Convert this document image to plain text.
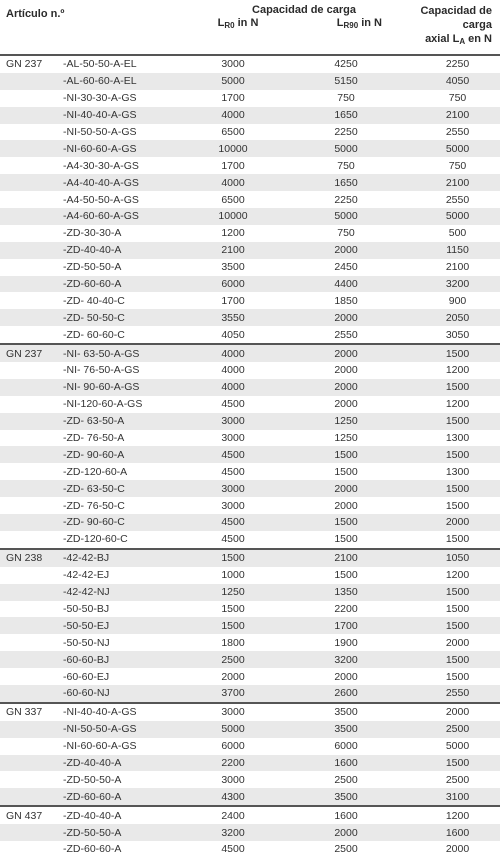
Artículo n.º		Capacidad de carga
$L_{R0}$ in N	$L_{R90}$ in N	Capacidad de carga
axial $L_A$ en N

GN 237	-AL-50-50-A-EL	3000	4250	2250
	-AL-60-60-A-EL	5000	5150	4050
	-NI-30-30-A-GS	1700	750	750
	-NI-40-40-A-GS	4000	1650	2100
	-NI-50-50-A-GS	6500	2250	2550
	-NI-60-60-A-GS	10000	5000	5000
	-A4-30-30-A-GS	1700	750	750
	-A4-40-40-A-GS	4000	1650	2100
	-A4-50-50-A-GS	6500	2250	2550
	-A4-60-60-A-GS	10000	5000	5000
	-ZD-30-30-A	1200	750	500
	-ZD-40-40-A	2100	2000	1150
	-ZD-50-50-A	3500	2450	2100
	-ZD-60-60-A	6000	4400	3200
	-ZD- 40-40-C	1700	1850	900
	-ZD- 50-50-C	3550	2000	2050
	-ZD- 60-60-C	4050	2550	3050
GN 237	-NI- 63-50-A-GS	4000	2000	1500
	-NI- 76-50-A-GS	4000	2000	1200
	-NI- 90-60-A-GS	4000	2000	1500
	-NI-120-60-A-GS	4500	2000	1200
	-ZD- 63-50-A	3000	1250	1500
	-ZD- 76-50-A	3000	1250	1300
	-ZD- 90-60-A	4500	1500	1500
	-ZD-120-60-A	4500	1500	1300
	-ZD- 63-50-C	3000	2000	1500
	-ZD- 76-50-C	3000	2000	1500
	-ZD- 90-60-C	4500	1500	2000
	-ZD-120-60-C	4500	1500	1500
GN 238	-42-42-BJ	1500	2100	1050
	-42-42-EJ	1000	1500	1200
	-42-42-NJ	1250	1350	1500
	-50-50-BJ	1500	2200	1500
	-50-50-EJ	1500	1700	1500
	-50-50-NJ	1800	1900	2000
	-60-60-BJ	2500	3200	1500
	-60-60-EJ	2000	2000	1500
	-60-60-NJ	3700	2600	2550
GN 337	-NI-40-40-A-GS	3000	3500	2000
	-NI-50-50-A-GS	5000	3500	2500
	-NI-60-60-A-GS	6000	6000	5000
	-ZD-40-40-A	2200	1600	1500
	-ZD-50-50-A	3000	2500	2500
	-ZD-60-60-A	4300	3500	3100
GN 437	-ZD-40-40-A	2400	1600	1200
	-ZD-50-50-A	3200	2000	1600
	-ZD-60-60-A	4500	2500	2000
